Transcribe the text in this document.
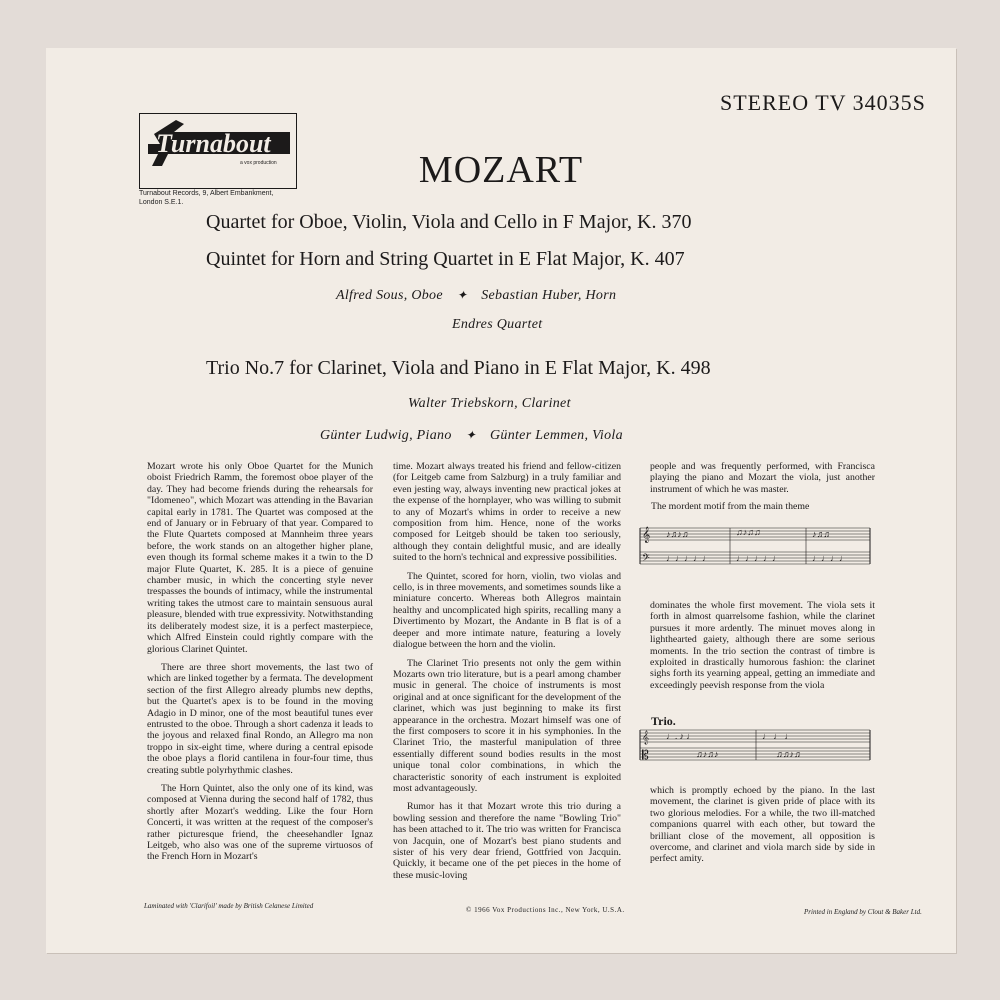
STEREO TV 34035S
Turnabout
a vox production
Turnabout Records, 9, Albert Embankment,
London S.E.1.
MOZART
Quartet for Oboe, Violin, Viola and Cello in F Major, K. 370
Quintet for Horn and String Quartet in E Flat Major, K. 407
Alfred Sous, Oboe ✦ Sebastian Huber, Horn
Endres Quartet
Trio No.7 for Clarinet, Viola and Piano in E Flat Major, K. 498
Walter Triebskorn, Clarinet
Günter Ludwig, Piano ✦ Günter Lemmen, Viola

Mozart wrote his only Oboe Quartet for the Munich oboist Friedrich Ramm, the foremost oboe player of the day. They had become friends during the rehearsals for "Idomeneo", which Mozart was attending in the Bavarian capital early in 1781. The Quartet was composed at the end of January or in February of that year. Compared to the Flute Quartets composed at Mannheim three years before, the work stands on an altogether higher plane, even though its formal scheme makes it a twin to the D major Flute Quartet, K. 285. It is a piece of genuine chamber music, in which the concerting style never trespasses the bounds of intimacy, while the instrumental writing takes the utmost care to maintain sensuous aural pleasure, blended with true expressivity. Notwithstanding its deliberately modest size, it is a perfect masterpiece, which Alfred Einstein could rightly compare with the glorious Clarinet Quintet.

There are three short movements, the last two of which are linked together by a fermata. The development section of the first Allegro already plumbs new depths, but the Quartet's apex is to be found in the moving Adagio in D minor, one of the most beautiful tunes ever entrusted to the oboe. Through a short cadenza it leads to the joyous and relaxed final Rondo, an Allegro ma non troppo in six-eight time, where during a central episode the oboe plays a florid cantilena in four-four time, thus creating subtle polyrhythmic clashes.

The Horn Quintet, also the only one of its kind, was composed at Vienna during the second half of 1782, thus shortly after Mozart's wedding. Like the four Horn Concerti, it was written at the request of the composer's rather picturesque friend, the cheesehandler Ignaz Leitgeb, who also was one of the supreme virtuosos of the French Horn in Mozart's

time. Mozart always treated his friend and fellow-citizen (for Leitgeb came from Salzburg) in a truly familiar and even jesting way, always inventing new practical jokes at the expense of the hornplayer, who was willing to submit to any of Mozart's whims in order to receive a new composition from him. Hence, none of the works composed for Leitgeb should be taken too seriously, although they contain delightful music, and are ideally suited to the horn's technical and expressive possibilities.

The Quintet, scored for horn, violin, two violas and cello, is in three movements, and sometimes sounds like a miniature concerto. Whereas both Allegros maintain healthy and uncomplicated high spirits, recalling many a Divertimento by Mozart, the Andante in B flat is of a deeper and more intimate nature, featuring a lovely dialogue between the horn and the violin.

The Clarinet Trio presents not only the gem within Mozarts own trio literature, but is a pearl among chamber music in general. The choice of instruments is most original and at once significant for the development of the clarinet, which was just beginning to make its first appearance in the orchestra. Mozart himself was one of the first composers to score it in his symphonies. In the Clarinet Trio, the masterful manipulation of three essentially different sound bodies results in the most unique tonal color combinations, in which the characteristic sonority of each instrument is exploited most advantageously.

Rumor has it that Mozart wrote this trio during a bowling session and therefore the name "Bowling Trio" has been attached to it. The trio was written for Francisca von Jacquin, one of Mozart's best piano students and sister of his very dear friend, Gottfried von Jacquin. Quickly, it became one of the pet pieces in the home of these music-loving

people and was frequently performed, with Francisca playing the piano and Mozart the viola, just another instrument of which he was master.

The mordent motif from the main theme
𝄞
𝄢
♪♫♪♫	♫♪♫♫	♪♫♫
♩♩♩♩♩	♩♩♩♩♩	♩♩♩♩

dominates the whole first movement. The viola sets it forth in almost quarrelsome fashion, while the clarinet pursues it more ardently. The minuet moves along in lighthearted gaiety, although there are some serious moments. In the trio section the contrast of timbre is exploited in drastically humorous fashion: the clarinet sighs forth its yearning appeal, getting an immediate and exceedingly peevish response from the viola

Trio.
𝄞
𝄡
♩. ♪ ♩	♩ ♩ ♩
♫♪♫♪	♫♫♪♫

which is promptly echoed by the piano. In the last movement, the clarinet is given pride of place with its two glorious melodies. For a while, the two ill-matched companions quarrel with each other, but toward the brilliant close of the movement, all opposition is overcome, and clarinet and viola march side by side in perfect amity.

Laminated with 'Clarifoil' made by British Celanese Limited	© 1966 Vox Productions Inc., New York, U.S.A.	Printed in England by Clout & Baker Ltd.
